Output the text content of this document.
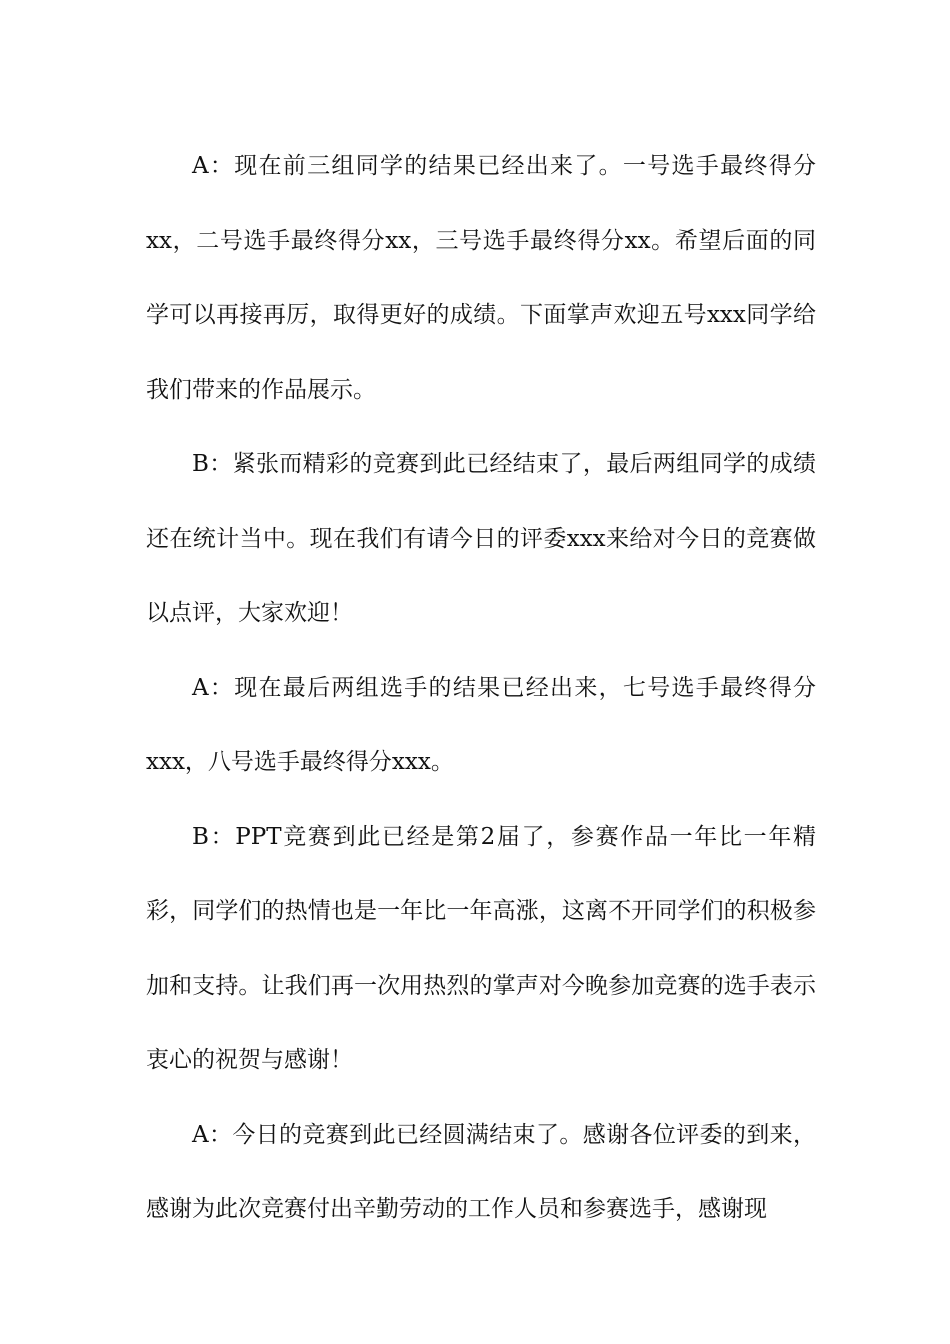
A：现在前三组同学的结果已经出来了。一号选手最终得分xx，二号选手最终得分xx，三号选手最终得分xx。希望后面的同学可以再接再厉，取得更好的成绩。下面掌声欢迎五号xxx同学给我们带来的作品展示。

B：紧张而精彩的竞赛到此已经结束了，最后两组同学的成绩还在统计当中。现在我们有请今日的评委xxx来给对今日的竞赛做以点评，大家欢迎！

A：现在最后两组选手的结果已经出来，七号选手最终得分xxx，八号选手最终得分xxx。

B：PPT竞赛到此已经是第2届了，参赛作品一年比一年精彩，同学们的热情也是一年比一年高涨，这离不开同学们的积极参加和支持。让我们再一次用热烈的掌声对今晚参加竞赛的选手表示衷心的祝贺与感谢！

A：今日的竞赛到此已经圆满结束了。感谢各位评委的到来，感谢为此次竞赛付出辛勤劳动的工作人员和参赛选手，感谢现
